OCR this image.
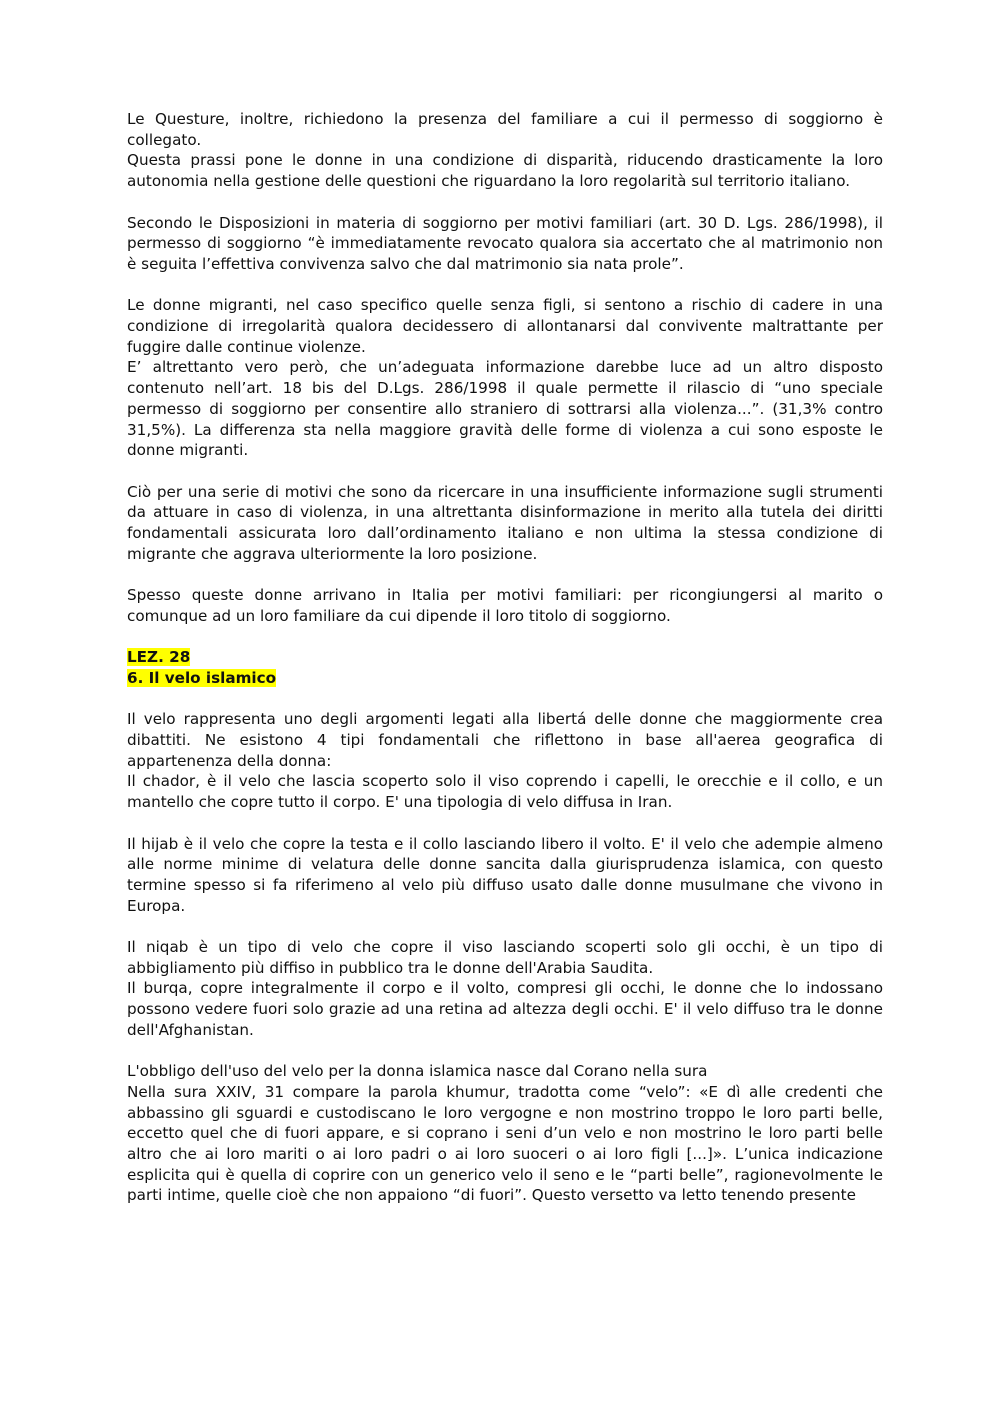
Le Questure, inoltre, richiedono la presenza del familiare a cui il permesso di soggiorno è collegato.
Questa prassi pone le donne in una condizione di disparità, riducendo drasticamente la loro autonomia nella gestione delle questioni che riguardano la loro regolarità sul territorio italiano.

Secondo le Disposizioni in materia di soggiorno per motivi familiari (art. 30 D. Lgs. 286/1998), il permesso di soggiorno “è immediatamente revocato qualora sia accertato che al matrimonio non è seguita l’effettiva convivenza salvo che dal matrimonio sia nata prole”.

Le donne migranti, nel caso specifico quelle senza figli, si sentono a rischio di cadere in una condizione di irregolarità qualora decidessero di allontanarsi dal convivente maltrattante per fuggire dalle continue violenze.
E’ altrettanto vero però, che un’adeguata informazione darebbe luce ad un altro disposto contenuto nell’art. 18 bis del D.Lgs. 286/1998 il quale permette il rilascio di “uno speciale permesso di soggiorno per consentire allo straniero di sottrarsi alla violenza...”. (31,3% contro 31,5%). La differenza sta nella maggiore gravità delle forme di violenza a cui sono esposte le donne migranti.

Ciò per una serie di motivi che sono da ricercare in una insufficiente informazione sugli strumenti da attuare in caso di violenza, in una altrettanta disinformazione in merito alla tutela dei diritti fondamentali assicurata loro dall’ordinamento italiano e non ultima la stessa condizione di migrante che aggrava ulteriormente la loro posizione.

Spesso queste donne arrivano in Italia per motivi familiari: per ricongiungersi al marito o comunque ad un loro familiare da cui dipende il loro titolo di soggiorno.

LEZ. 28
6. Il velo islamico

Il velo rappresenta uno degli argomenti legati alla libertá delle donne che maggiormente crea dibattiti. Ne esistono 4 tipi fondamentali che riflettono in base all'aerea geografica di appartenenza della donna:
Il chador, è il velo che lascia scoperto solo il viso coprendo i capelli, le orecchie e il collo, e un mantello che copre tutto il corpo. E' una tipologia di velo diffusa in Iran.

Il hijab è il velo che copre la testa e il collo lasciando libero il volto. E' il velo che adempie almeno alle norme minime di velatura delle donne sancita dalla giurisprudenza islamica, con questo termine spesso si fa riferimeno al velo più diffuso usato dalle donne musulmane che vivono in Europa.

Il niqab è un tipo di velo che copre il viso lasciando scoperti solo gli occhi, è un tipo di abbigliamento più diffiso in pubblico tra le donne dell'Arabia Saudita.
Il burqa, copre integralmente il corpo e il volto, compresi gli occhi, le donne che lo indossano possono vedere fuori solo grazie ad una retina ad altezza degli occhi. E' il velo diffuso tra le donne dell'Afghanistan.

L'obbligo dell'uso del velo per la donna islamica nasce dal Corano nella sura
Nella sura XXIV, 31 compare la parola khumur, tradotta come “velo”: «E dì alle credenti che abbassino gli sguardi e custodiscano le loro vergogne e non mostrino troppo le loro parti belle, eccetto quel che di fuori appare, e si coprano i seni d’un velo e non mostrino le loro parti belle altro che ai loro mariti o ai loro padri o ai loro suoceri o ai loro figli [...]». L’unica indicazione esplicita qui è quella di coprire con un generico velo il seno e le “parti belle”, ragionevolmente le parti intime, quelle cioè che non appaiono “di fuori”. Questo versetto va letto tenendo presente
